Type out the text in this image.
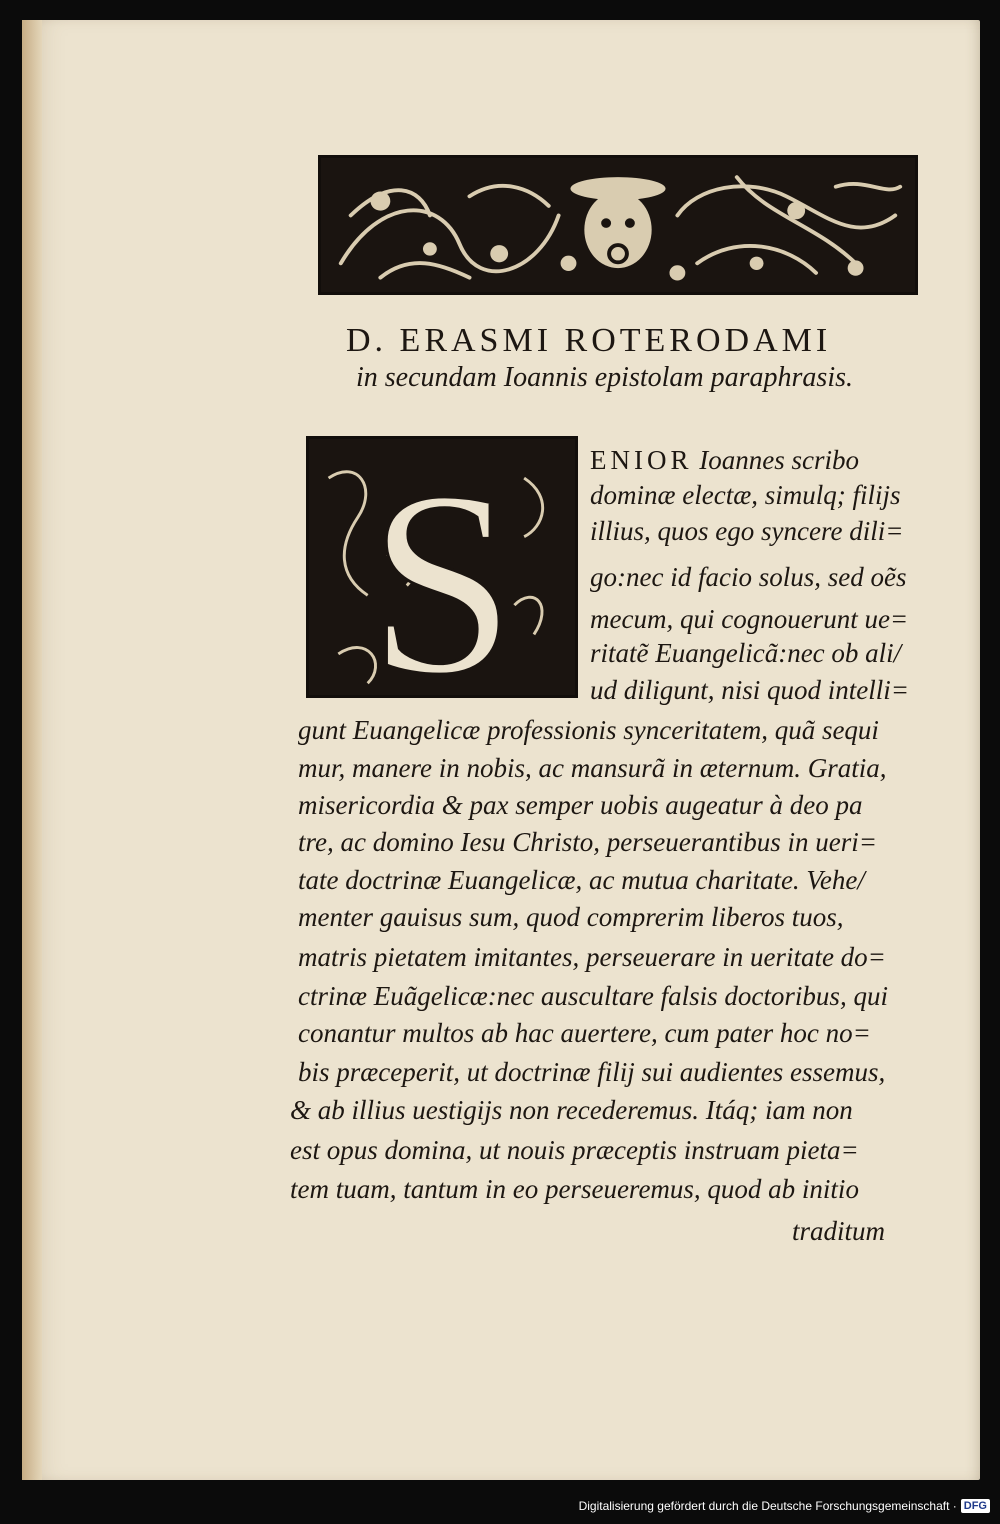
D. ERASMI ROTERODAMI
in secundam Ioannis epistolam paraphrasis.
S	ENIOR Ioannes scribo
dominæ electæ, simulq; filijs
illius, quos ego syncere dili=
go:nec id facio solus, sed oẽs
mecum, qui cognouerunt ue=
ritatẽ Euangelicã:nec ob ali/
ud diligunt, nisi quod intelli=
gunt Euangelicæ professionis synceritatem, quã sequi
mur, manere in nobis, ac mansurã in æternum. Gratia,
misericordia & pax semper uobis augeatur à deo pa
tre, ac domino Iesu Christo, perseuerantibus in ueri=
tate doctrinæ Euangelicæ, ac mutua charitate. Vehe/
menter gauisus sum, quod comprerim liberos tuos,
matris pietatem imitantes, perseuerare in ueritate do=
ctrinæ Euãgelicæ:nec auscultare falsis doctoribus, qui
conantur multos ab hac auertere, cum pater hoc no=
bis præceperit, ut doctrinæ filij sui audientes essemus,
& ab illius uestigijs non recederemus. Itáq; iam non
est opus domina, ut nouis præceptis instruam pieta=
tem tuam, tantum in eo perseueremus, quod ab initio
traditum
Digitalisierung gefördert durch die Deutsche Forschungsgemeinschaft · DFG
